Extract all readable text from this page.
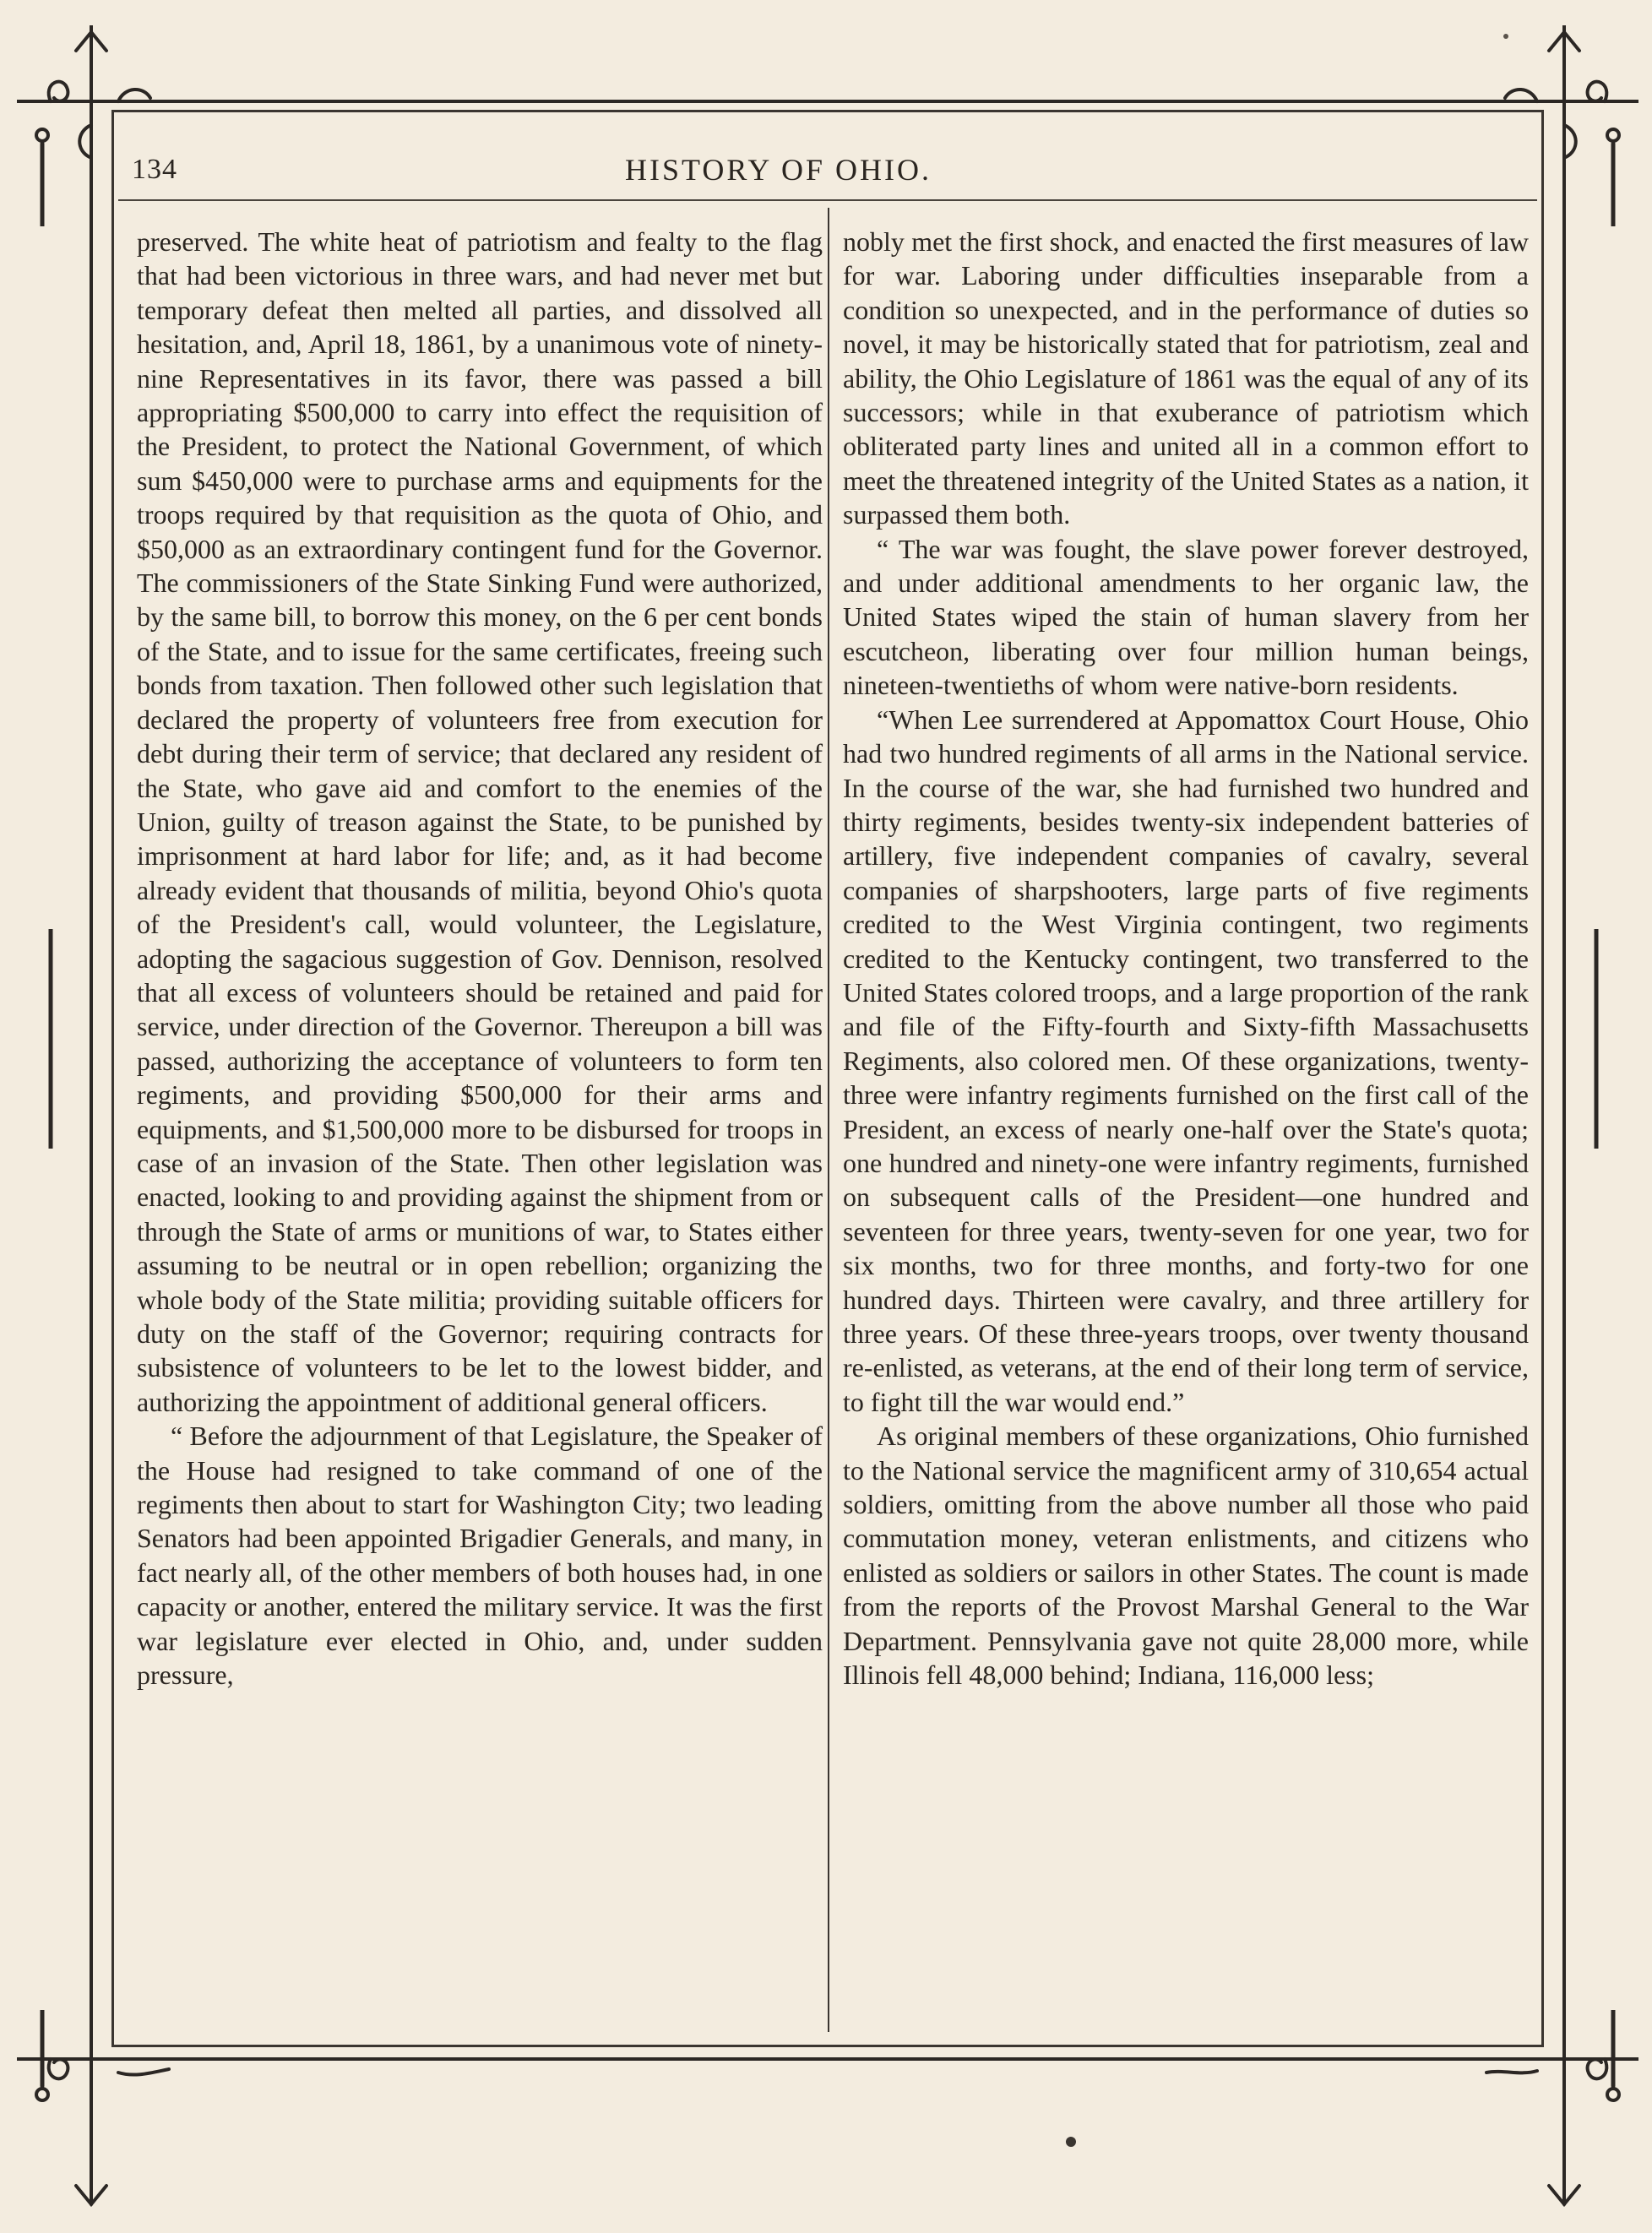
134	HISTORY OF OHIO.

preserved. The white heat of patriotism and fealty to the flag that had been victorious in three wars, and had never met but temporary defeat then melted all parties, and dissolved all hesitation, and, April 18, 1861, by a unanimous vote of ninety-nine Representatives in its favor, there was passed a bill appropriating $500,000 to carry into effect the requisition of the President, to protect the National Government, of which sum $450,000 were to purchase arms and equipments for the troops required by that requisition as the quota of Ohio, and $50,000 as an extraordinary contingent fund for the Governor. The commissioners of the State Sinking Fund were authorized, by the same bill, to borrow this money, on the 6 per cent bonds of the State, and to issue for the same certificates, freeing such bonds from taxation. Then followed other such legislation that declared the property of volunteers free from execution for debt during their term of service; that declared any resident of the State, who gave aid and comfort to the enemies of the Union, guilty of treason against the State, to be punished by imprisonment at hard labor for life; and, as it had become already evident that thousands of militia, beyond Ohio's quota of the President's call, would volunteer, the Legislature, adopting the sagacious suggestion of Gov. Dennison, resolved that all excess of volunteers should be retained and paid for service, under direction of the Governor. Thereupon a bill was passed, authorizing the acceptance of volunteers to form ten regiments, and providing $500,000 for their arms and equipments, and $1,500,000 more to be disbursed for troops in case of an invasion of the State. Then other legislation was enacted, looking to and providing against the shipment from or through the State of arms or munitions of war, to States either assuming to be neutral or in open rebellion; organizing the whole body of the State militia; providing suitable officers for duty on the staff of the Governor; requiring contracts for subsistence of volunteers to be let to the lowest bidder, and authorizing the appointment of additional general officers.

“ Before the adjournment of that Legislature, the Speaker of the House had resigned to take command of one of the regiments then about to start for Washington City; two leading Senators had been appointed Brigadier Generals, and many, in fact nearly all, of the other members of both houses had, in one capacity or another, entered the military service. It was the first war legislature ever elected in Ohio, and, under sudden pressure,

nobly met the first shock, and enacted the first measures of law for war. Laboring under difficulties inseparable from a condition so unexpected, and in the performance of duties so novel, it may be historically stated that for patriotism, zeal and ability, the Ohio Legislature of 1861 was the equal of any of its successors; while in that exuberance of patriotism which obliterated party lines and united all in a common effort to meet the threatened integrity of the United States as a nation, it surpassed them both.

“ The war was fought, the slave power forever destroyed, and under additional amendments to her organic law, the United States wiped the stain of human slavery from her escutcheon, liberating over four million human beings, nineteen-twentieths of whom were native-born residents.

“When Lee surrendered at Appomattox Court House, Ohio had two hundred regiments of all arms in the National service. In the course of the war, she had furnished two hundred and thirty regiments, besides twenty-six independent batteries of artillery, five independent companies of cavalry, several companies of sharpshooters, large parts of five regiments credited to the West Virginia contingent, two regiments credited to the Kentucky contingent, two transferred to the United States colored troops, and a large proportion of the rank and file of the Fifty-fourth and Sixty-fifth Massachusetts Regiments, also colored men. Of these organizations, twenty-three were infantry regiments furnished on the first call of the President, an excess of nearly one-half over the State's quota; one hundred and ninety-one were infantry regiments, furnished on subsequent calls of the President—one hundred and seventeen for three years, twenty-seven for one year, two for six months, two for three months, and forty-two for one hundred days. Thirteen were cavalry, and three artillery for three years. Of these three-years troops, over twenty thousand re-enlisted, as veterans, at the end of their long term of service, to fight till the war would end.”

As original members of these organizations, Ohio furnished to the National service the magnificent army of 310,654 actual soldiers, omitting from the above number all those who paid commutation money, veteran enlistments, and citizens who enlisted as soldiers or sailors in other States. The count is made from the reports of the Provost Marshal General to the War Department. Pennsylvania gave not quite 28,000 more, while Illinois fell 48,000 behind; Indiana, 116,000 less;
